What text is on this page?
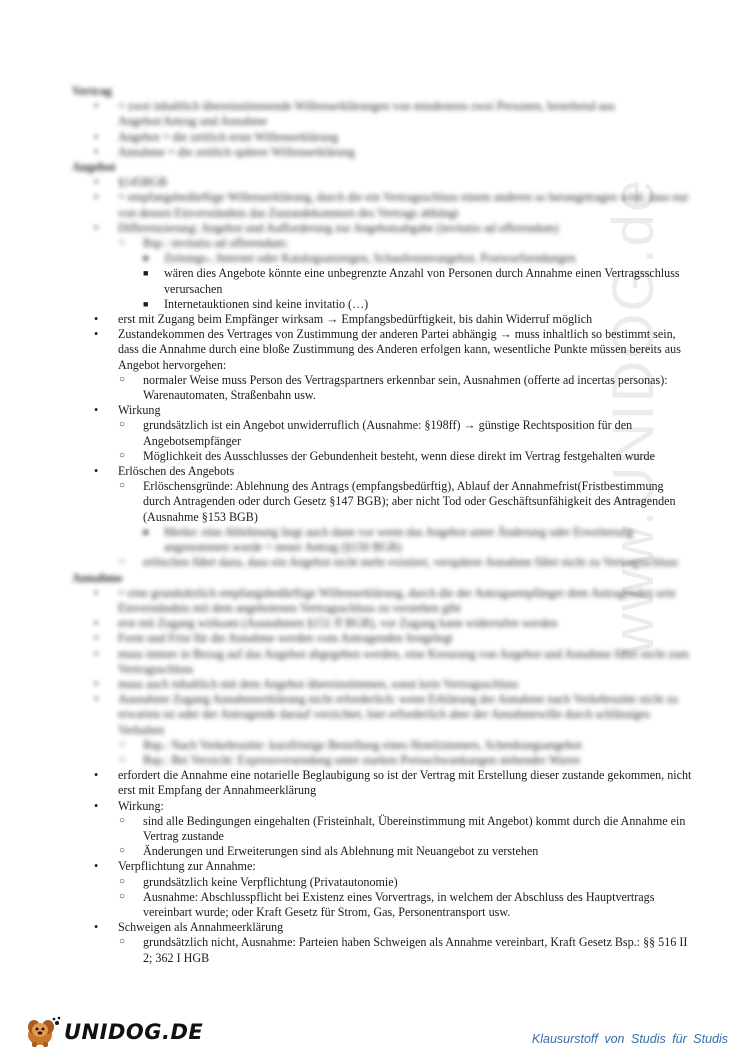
www.UNIDOG.de

Vertrag

• = zwei inhaltlich übereinstimmende Willenserklärungen von mindestens zwei Personen, bestehend aus Angebot/Antrag und Annahme
• Angebot = die zeitlich erste Willenserklärung
• Annahme = die zeitlich spätere Willenserklärung

Angebot

• §145BGB
• = empfangsbedürftige Willenserklärung, durch die ein Vertragsschluss einem anderen so herangetragen wird, dass nur von dessen Einverständnis das Zustandekommen des Vertrags abhängt
• Differenzierung: Angebot und Aufforderung zur Angebotsabgabe (invitatio ad offerendum)
○ Bsp.: invitatio ad offerendum:
■ Zeitungs-, Internet oder Katalogsanzeigen, Schaufensterangebot, Postwurfsendungen
■ wären dies Angebote könnte eine unbegrenzte Anzahl von Personen durch Annahme einen Vertragsschluss verursachen
■ Internetauktionen sind keine invitatio (…)
• erst mit Zugang beim Empfänger wirksam → Empfangsbedürftigkeit, bis dahin Widerruf möglich
• Zustandekommen des Vertrages von Zustimmung der anderen Partei abhängig → muss inhaltlich so bestimmt sein, dass die Annahme durch eine bloße Zustimmung des Anderen erfolgen kann, wesentliche Punkte müssen bereits aus Angebot hervorgehen:
○ normaler Weise muss Person des Vertragspartners erkennbar sein, Ausnahmen (offerte ad incertas personas): Warenautomaten, Straßenbahn usw.
• Wirkung
○ grundsätzlich ist ein Angebot unwiderruflich (Ausnahme: §198ff) → günstige Rechtsposition für den Angebotsempfänger
○ Möglichkeit des Ausschlusses der Gebundenheit besteht, wenn diese direkt im Vertrag festgehalten wurde
• Erlöschen des Angebots
○ Erlöschensgründe: Ablehnung des Antrags (empfangsbedürftig), Ablauf der Annahmefrist(Fristbestimmung durch Antragenden oder durch Gesetz §147 BGB); aber nicht Tod oder Geschäftsunfähigkeit des Antragenden (Ausnahme §153 BGB)
■ Merke: eine Ablehnung liegt auch dann vor wenn das Angebot unter Änderung oder Erweiterung angenommen wurde = neuer Antrag (§150 BGB)
○ erlöschen führt dazu, dass ein Angebot nicht mehr existiert, verspätete Annahme führt nicht zu Vertragsschluss

Annahme

• = eine grundsätzlich empfangsbedürftige Willenserklärung, durch die der Antragsempfänger dem Antragenden sein Einverständnis mit dem angebotenen Vertragsschluss zu verstehen gibt
• erst mit Zugang wirksam (Ausnahmen §151 ff BGB), vor Zugang kann widerrufen werden
• Form und Frist für die Annahme werden vom Antragenden festgelegt
• muss immer in Bezug auf das Angebot abgegeben werden, eine Kreuzung von Angebot und Annahme führt nicht zum Vertragsschluss
• muss auch inhaltlich mit dem Angebot übereinstimmen, sonst kein Vertragsschluss
• Ausnahme Zugang Annahmeerklärung nicht erforderlich: wenn Erklärung der Annahme nach Verkehrssitte nicht zu erwarten ist oder der Antragende darauf verzichtet, hier erforderlich aber der Annahmewille durch schlüssiges Verhalten
○ Bsp.: Nach Verkehrssitte: kurzfristige Bestellung eines Hotelzimmers, Schenkungsangebot
○ Bsp.: Bei Verzicht: Expressversendung unter starken Preisschwankungen stehender Waren
• erfordert die Annahme eine notarielle Beglaubigung so ist der Vertrag mit Erstellung dieser zustande gekommen, nicht erst mit Empfang der Annahmeerklärung
• Wirkung:
○ sind alle Bedingungen eingehalten (Fristeinhalt, Übereinstimmung mit Angebot) kommt durch die Annahme ein Vertrag zustande
○ Änderungen und Erweiterungen sind als Ablehnung mit Neuangebot zu verstehen
• Verpflichtung zur Annahme:
○ grundsätzlich keine Verpflichtung (Privatautonomie)
○ Ausnahme: Abschlusspflicht bei Existenz eines Vorvertrags, in welchem der Abschluss des Hauptvertrags vereinbart wurde; oder Kraft Gesetz für Strom, Gas, Personentransport usw.
• Schweigen als Annahmeerklärung
○ grundsätzlich nicht, Ausnahme: Parteien haben Schweigen als Annahme vereinbart, Kraft Gesetz Bsp.: §§ 516 II 2; 362 I HGB
UNIDOG.DE	Klausurstoff von Studis für Studis
